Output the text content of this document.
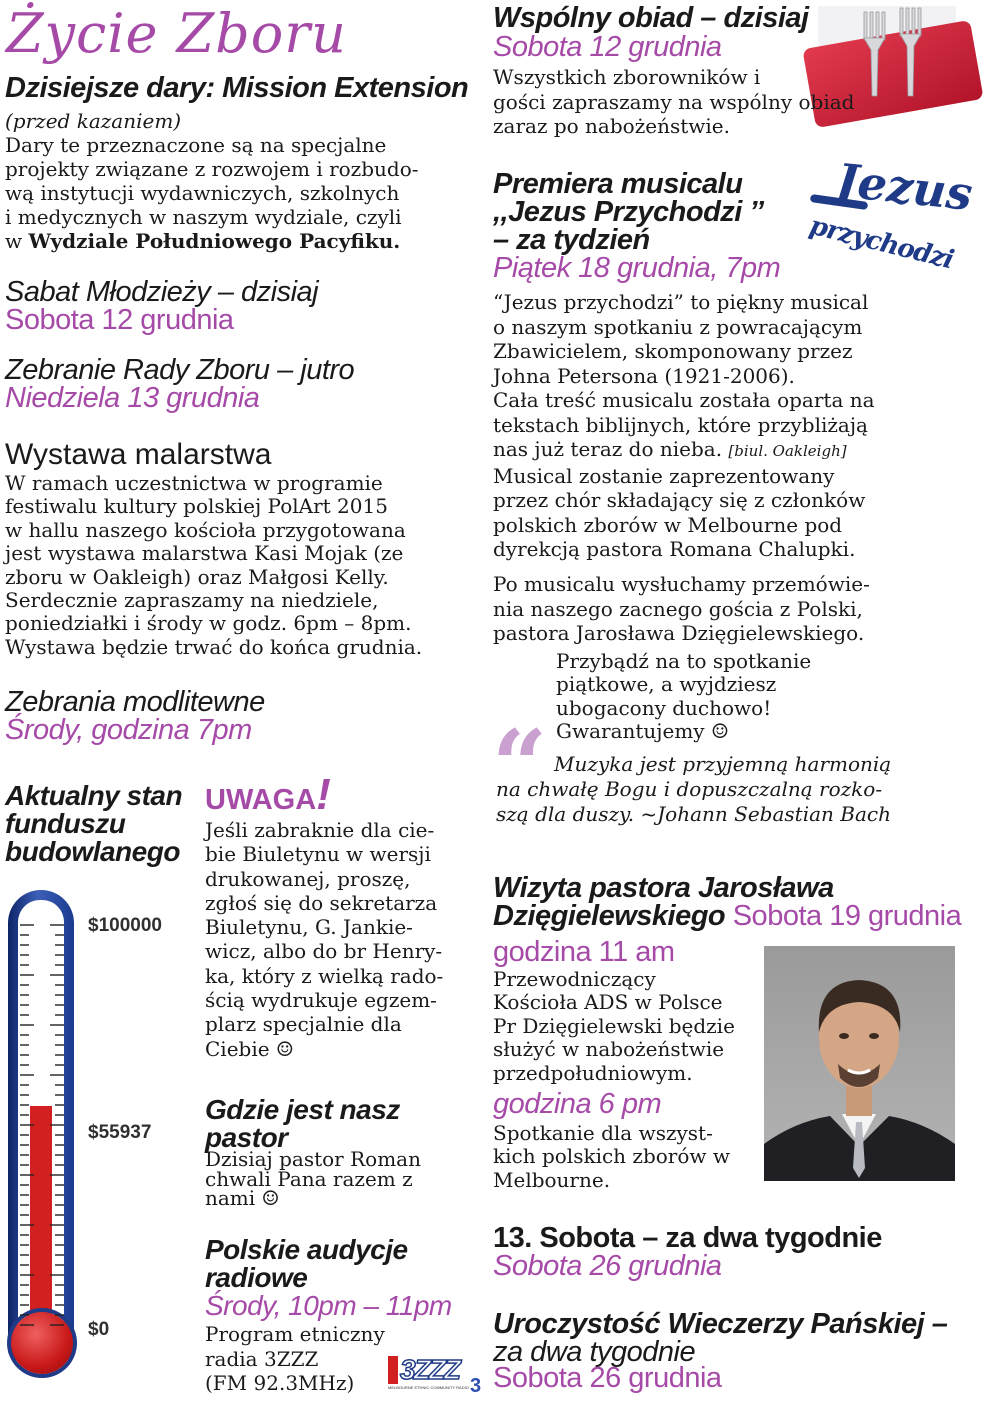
Życie Zboru
Dzisiejsze dary: Mission Extension
(przed kazaniem)
Dary te przeznaczone są na specjalne
projekty związane z rozwojem i rozbudo-
wą instytucji wydawniczych, szkolnych
i medycznych w naszym wydziale, czyli
w Wydziale Południowego Pacyfiku.
Sabat Młodzieży – dzisiaj
Sobota 12 grudnia
Zebranie Rady Zboru – jutro
Niedziela 13 grudnia
Wystawa malarstwa
W ramach uczestnictwa w programie
festiwalu kultury polskiej PolArt 2015
w hallu naszego kościoła przygotowana
jest wystawa malarstwa Kasi Mojak (ze
zboru w Oakleigh) oraz Małgosi Kelly.
Serdecznie zapraszamy na niedziele,
poniedziałki i środy w godz. 6pm – 8pm.
Wystawa będzie trwać do końca grudnia.
Zebrania modlitewne
Środy, godzina 7pm
Aktualny stan
funduszu
budowlanego
$100000
$55937
$0
UWAGA!
Jeśli zabraknie dla cie-
bie Biuletynu w wersji
drukowanej, proszę,
zgłoś się do sekretarza
Biuletynu, G. Jankie-
wicz, albo do br Henry-
ka, który z wielką rado-
ścią wydrukuje egzem-
plarz specjalnie dla
Ciebie ☺
Gdzie jest nasz
pastor
Dzisiaj pastor Roman
chwali Pana razem z
nami ☺
Polskie audycje
radiowe
Środy, 10pm – 11pm
Program etniczny
radia 3ZZZ
(FM 92.3MHz)	3ZZZ
MELBOURNE ETHNIC COMMUNITY RADIO 3
Wspólny obiad – dzisiaj
Sobota 12 grudnia
Wszystkich zborowników i
gości zapraszamy na wspólny obiad
zaraz po nabożeństwie.
Premiera musicalu
,,Jezus Przychodzi ’’
– za tydzień
Piątek 18 grudnia, 7pm
Jezus
przychodzi
“Jezus przychodzi” to piękny musical
o naszym spotkaniu z powracającym
Zbawicielem, skomponowany przez
Johna Petersona (1921-2006).
Cała treść musicalu została oparta na
tekstach biblijnych, które przybliżają
nas już teraz do nieba. [biul. Oakleigh]
Musical zostanie zaprezentowany
przez chór składający się z członków
polskich zborów w Melbourne pod
dyrekcją pastora Romana Chalupki.
Po musicalu wysłuchamy przemówie-
nia naszego zacnego gościa z Polski,
pastora Jarosława Dzięgielewskiego.
Przybądź na to spotkanie
piątkowe, a wyjdziesz
ubogacony duchowo!
Gwarantujemy ☺
“ Muzyka jest przyjemną harmonią
na chwałę Bogu i dopuszczalną rozko-
szą dla duszy. ~Johann Sebastian Bach
Wizyta pastora Jarosława
Dzięgielewskiego Sobota 19 grudnia
godzina 11 am
Przewodniczący
Kościoła ADS w Polsce
Pr Dzięgielewski będzie
służyć w nabożeństwie
przedpołudniowym.
godzina 6 pm
Spotkanie dla wszyst-
kich polskich zborów w
Melbourne.
13. Sobota – za dwa tygodnie
Sobota 26 grudnia
Uroczystość Wieczerzy Pańskiej –
za dwa tygodnie
Sobota 26 grudnia
